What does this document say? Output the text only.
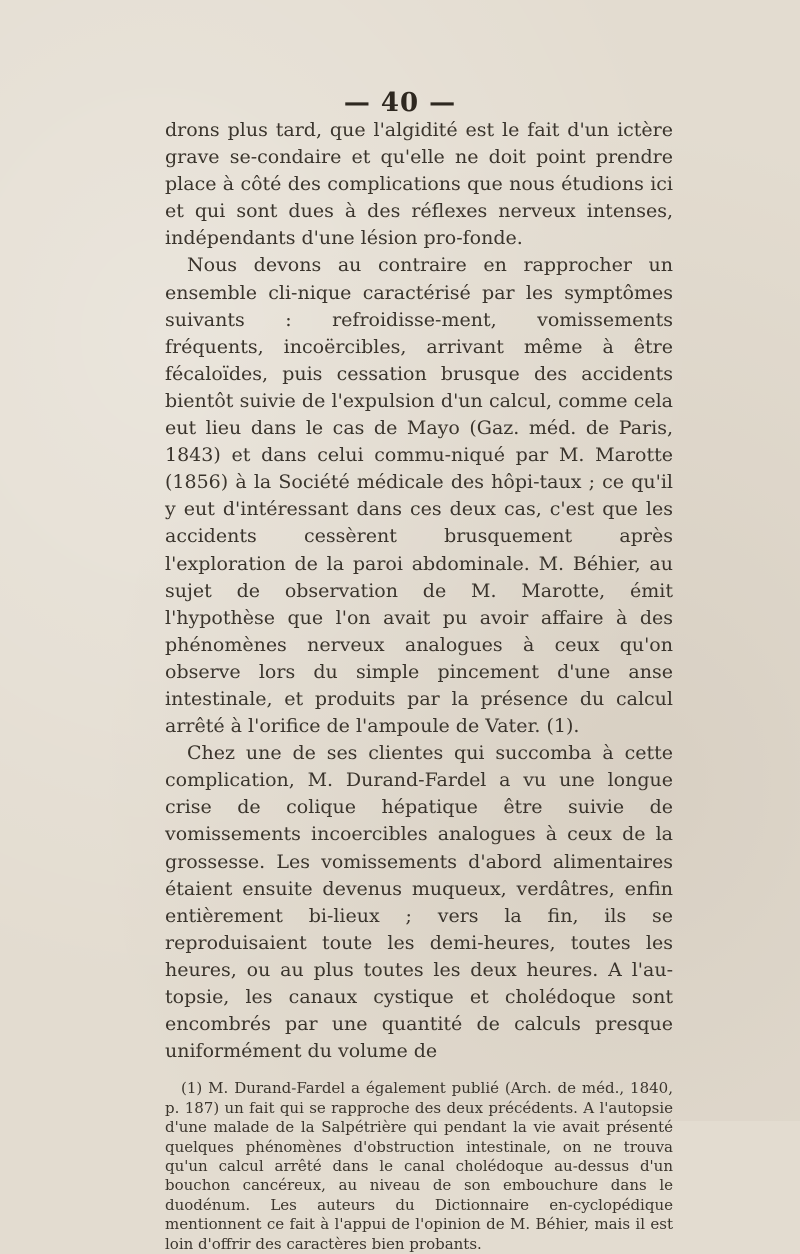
— 40 —

drons plus tard, que l'algidité est le fait d'un ictère grave se-condaire et qu'elle ne doit point prendre place à côté des complications que nous étudions ici et qui sont dues à des réflexes nerveux intenses, indépendants d'une lésion pro-fonde.

Nous devons au contraire en rapprocher un ensemble cli-nique caractérisé par les symptômes suivants : refroidisse-ment, vomissements fréquents, incoërcibles, arrivant même à être fécaloïdes, puis cessation brusque des accidents bientôt suivie de l'expulsion d'un calcul, comme cela eut lieu dans le cas de Mayo (Gaz. méd. de Paris, 1843) et dans celui commu-niqué par M. Marotte (1856) à la Société médicale des hôpi-taux ; ce qu'il y eut d'intéressant dans ces deux cas, c'est que les accidents cessèrent brusquement après l'exploration de la paroi abdominale. M. Béhier, au sujet de observation de M. Marotte, émit l'hypothèse que l'on avait pu avoir affaire à des phénomènes nerveux analogues à ceux qu'on observe lors du simple pincement d'une anse intestinale, et produits par la présence du calcul arrêté à l'orifice de l'ampoule de Vater. (1).

Chez une de ses clientes qui succomba à cette complication, M. Durand-Fardel a vu une longue crise de colique hépatique être suivie de vomissements incoercibles analogues à ceux de la grossesse. Les vomissements d'abord alimentaires étaient ensuite devenus muqueux, verdâtres, enfin entièrement bi-lieux ; vers la fin, ils se reproduisaient toute les demi-heures, toutes les heures, ou au plus toutes les deux heures. A l'au-topsie, les canaux cystique et cholédoque sont encombrés par une quantité de calculs presque uniformément du volume de

(1) M. Durand-Fardel a également publié (Arch. de méd., 1840, p. 187) un fait qui se rapproche des deux précédents. A l'autopsie d'une malade de la Salpétrière qui pendant la vie avait présenté quelques phénomènes d'obstruction intestinale, on ne trouva qu'un calcul arrêté dans le canal cholédoque au-dessus d'un bouchon cancéreux, au niveau de son embouchure dans le duodénum. Les auteurs du Dictionnaire en-cyclopédique mentionnent ce fait à l'appui de l'opinion de M. Béhier, mais il est loin d'offrir des caractères bien probants.
